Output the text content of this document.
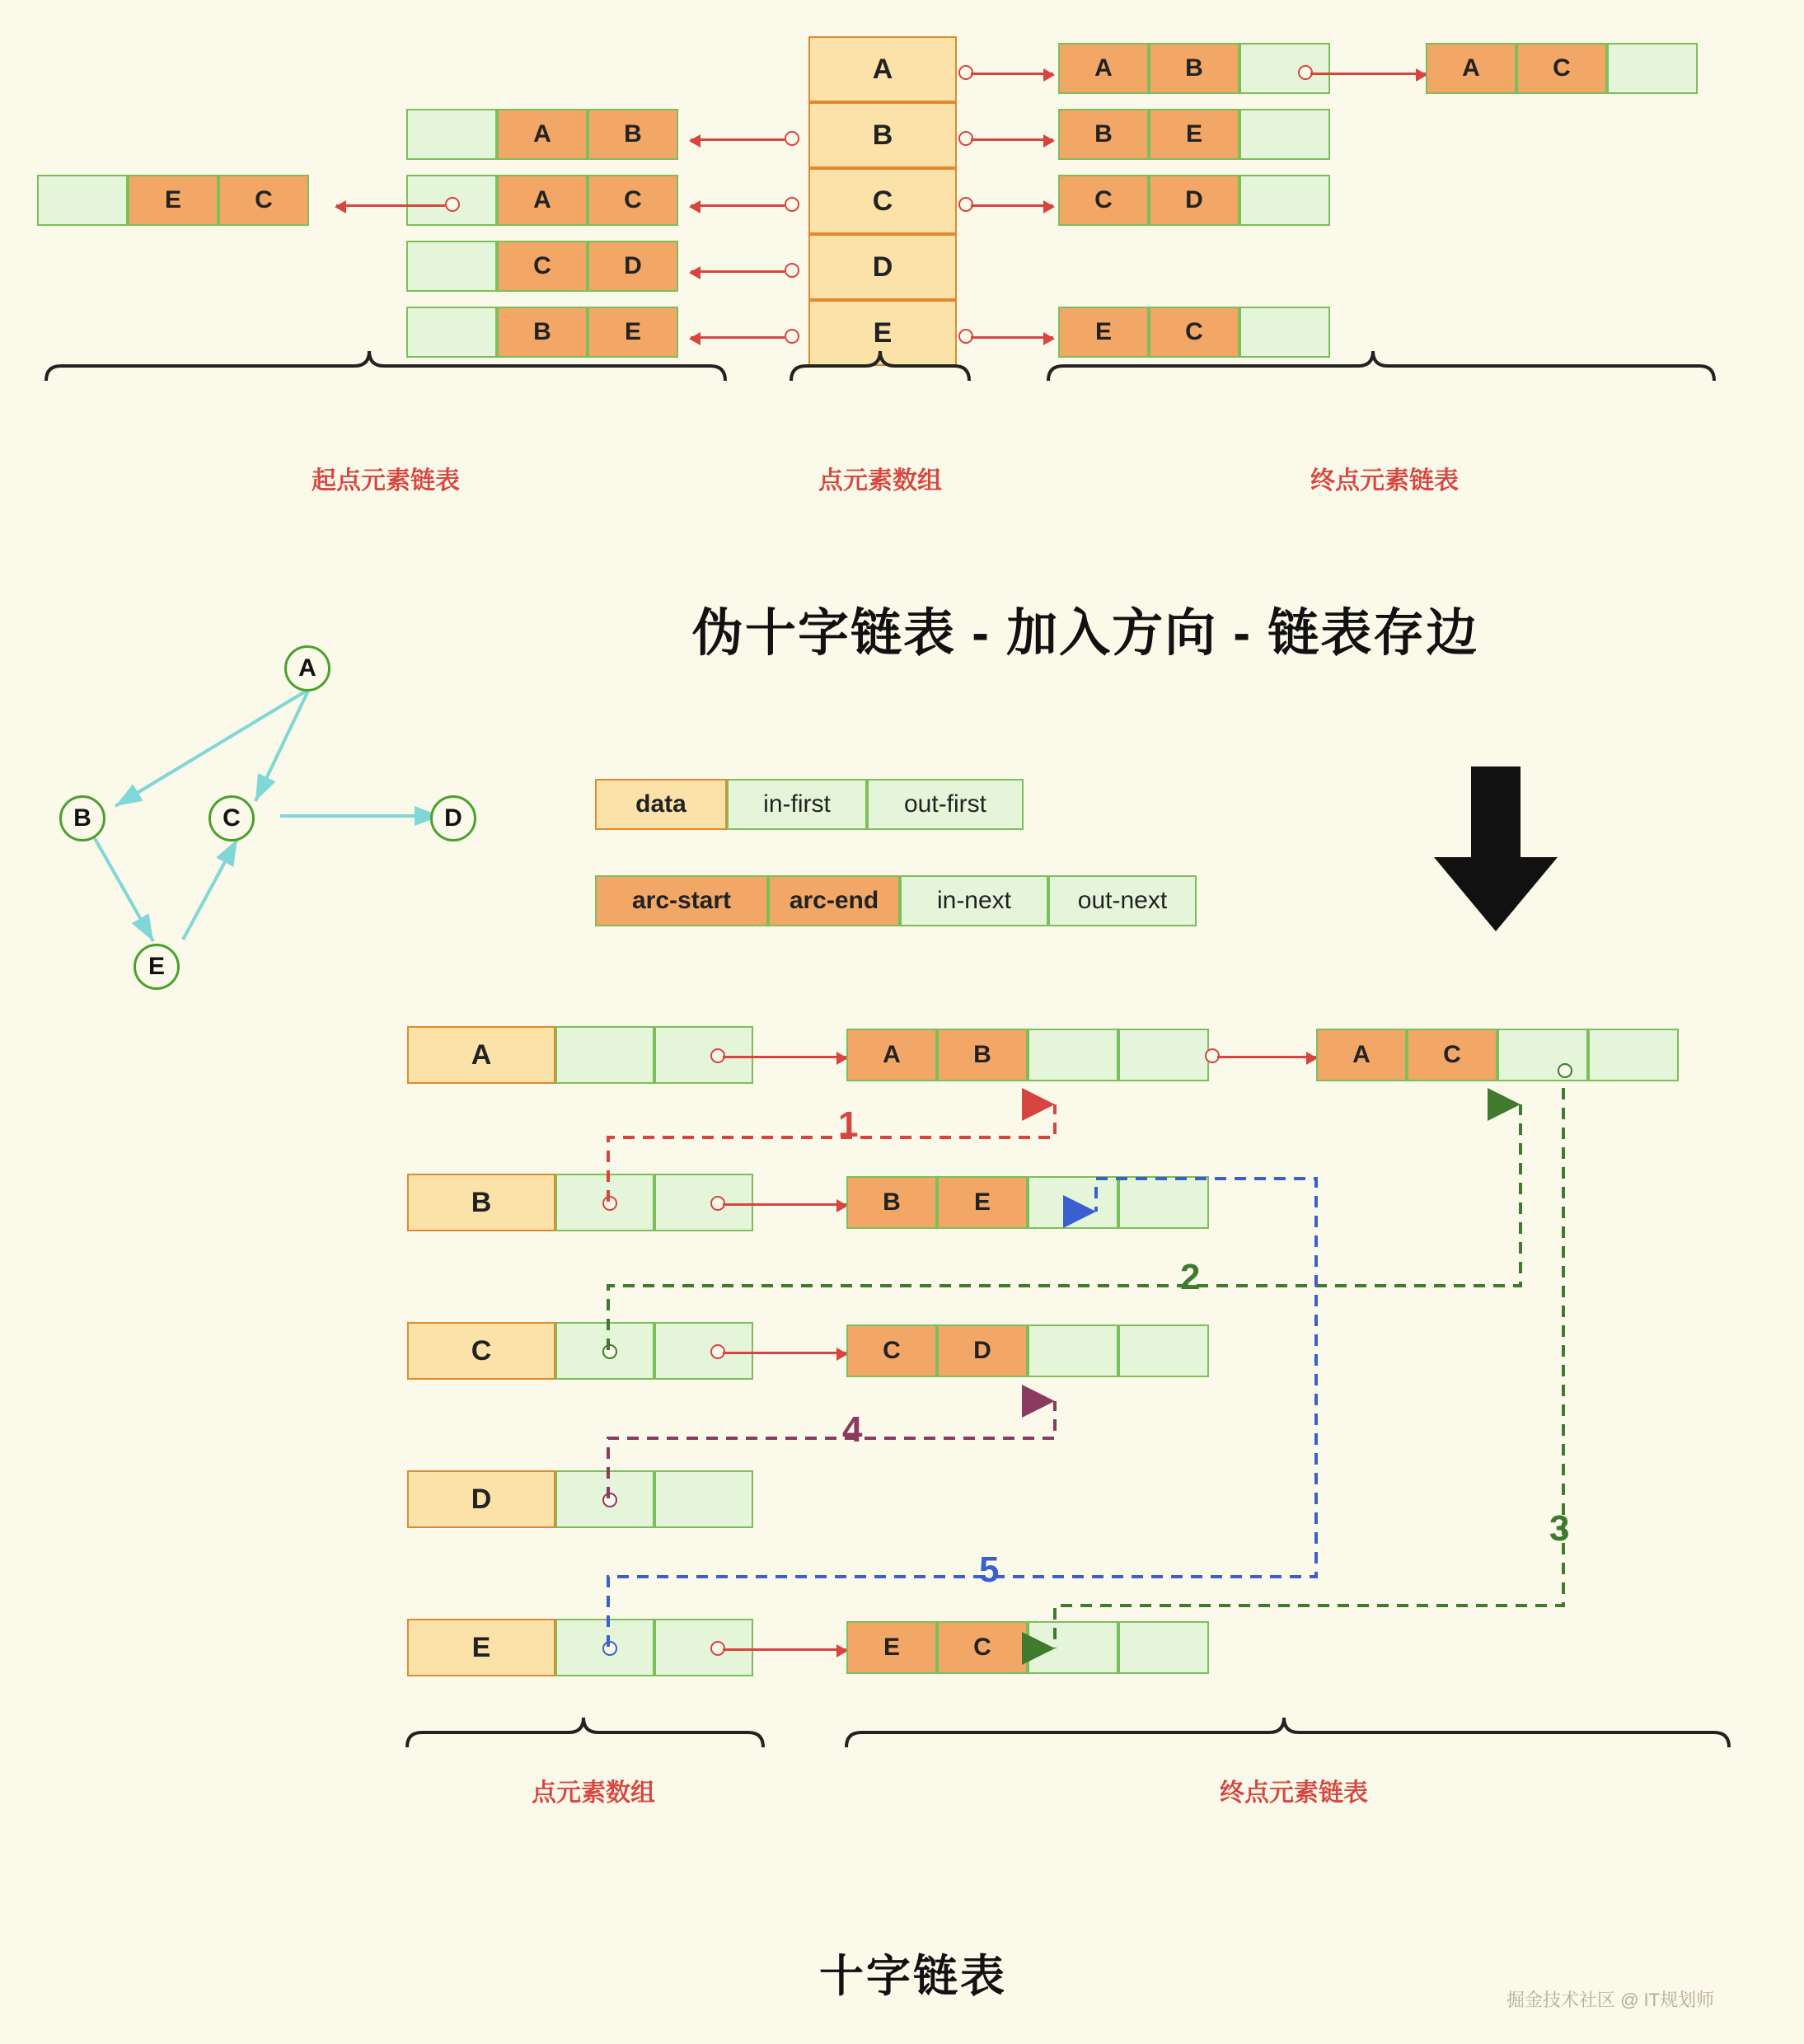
A
B
C
D
E
A	B	A	C
B	E
C	D
E	C
A	B
A	C
E	C
C	D
B	E
起点元素链表	点元素数组	终点元素链表
伪十字链表 - 加入方向 - 链表存边
A
B	C	D
E
data	in-first	out-first
arc-start	arc-end	in-next	out-next
A	A	B	A	C
B	B	E
C	C	D
D
E	E	C
1
2
3
4
5
点元素数组	终点元素链表
十字链表	掘金技术社区 @ IT规划师
